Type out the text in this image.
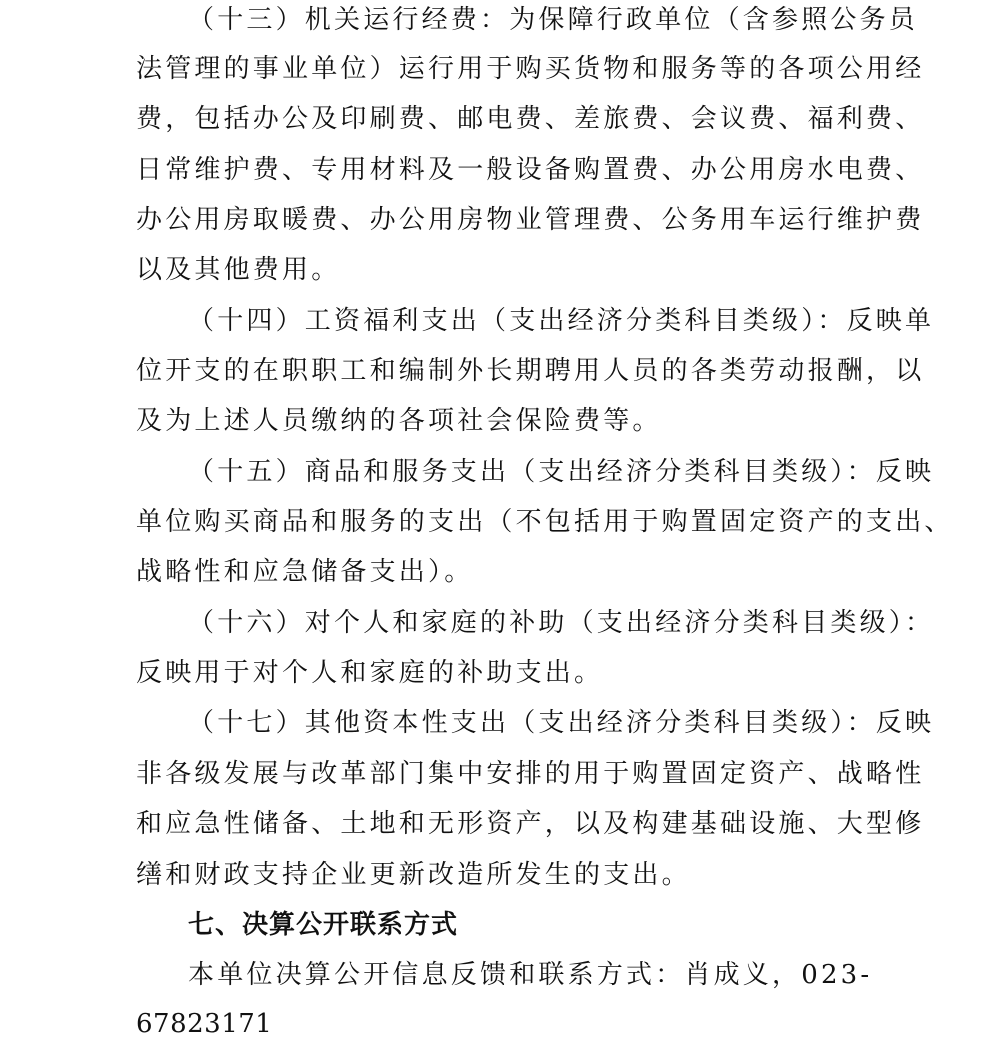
（十三）机关运行经费：为保障行政单位（含参照公务员
法管理的事业单位）运行用于购买货物和服务等的各项公用经
费，包括办公及印刷费、邮电费、差旅费、会议费、福利费、
日常维护费、专用材料及一般设备购置费、办公用房水电费、
办公用房取暖费、办公用房物业管理费、公务用车运行维护费
以及其他费用。
（十四）工资福利支出（支出经济分类科目类级）：反映单
位开支的在职职工和编制外长期聘用人员的各类劳动报酬，以
及为上述人员缴纳的各项社会保险费等。
（十五）商品和服务支出（支出经济分类科目类级）：反映
单位购买商品和服务的支出（不包括用于购置固定资产的支出、
战略性和应急储备支出）。
（十六）对个人和家庭的补助（支出经济分类科目类级）：
反映用于对个人和家庭的补助支出。
（十七）其他资本性支出（支出经济分类科目类级）：反映
非各级发展与改革部门集中安排的用于购置固定资产、战略性
和应急性储备、土地和无形资产，以及构建基础设施、大型修
缮和财政支持企业更新改造所发生的支出。
七、决算公开联系方式
本单位决算公开信息反馈和联系方式：肖成义，023-
67823171
